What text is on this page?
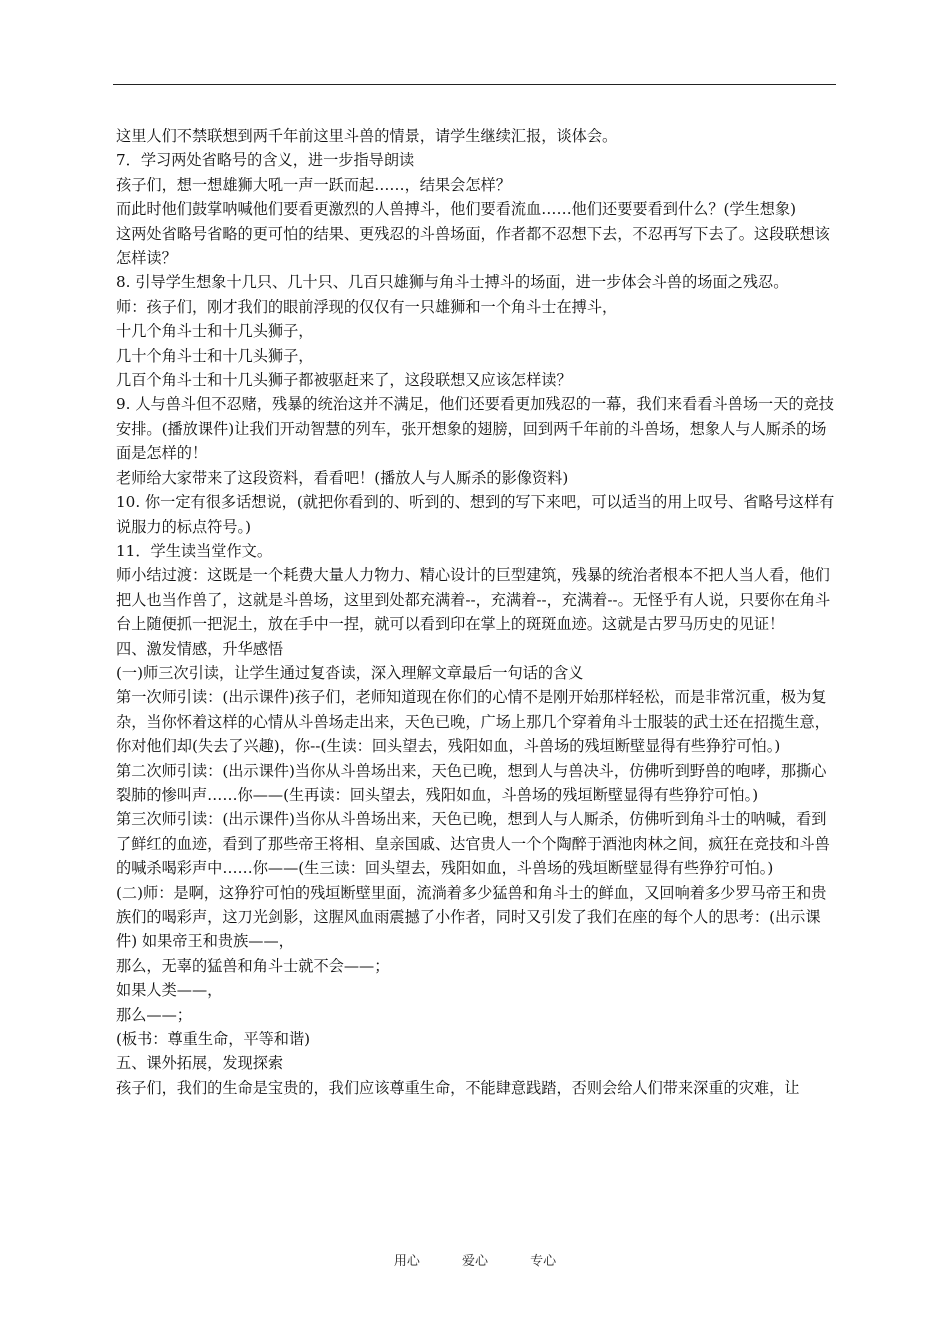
这里人们不禁联想到两千年前这里斗兽的情景，请学生继续汇报，谈体会。

7．学习两处省略号的含义，进一步指导朗读

孩子们，想一想雄狮大吼一声一跃而起……，结果会怎样？

而此时他们鼓掌呐喊他们要看更激烈的人兽搏斗，他们要看流血……他们还要要看到什么？(学生想象)

这两处省略号省略的更可怕的结果、更残忍的斗兽场面，作者都不忍想下去，不忍再写下去了。这段联想该怎样读？

8. 引导学生想象十几只、几十只、几百只雄狮与角斗士搏斗的场面，进一步体会斗兽的场面之残忍。

师：孩子们，刚才我们的眼前浮现的仅仅有一只雄狮和一个角斗士在搏斗，

十几个角斗士和十几头狮子，

几十个角斗士和十几头狮子，

几百个角斗士和十几头狮子都被驱赶来了，这段联想又应该怎样读？

9. 人与兽斗但不忍赌，残暴的统治这并不满足，他们还要看更加残忍的一幕，我们来看看斗兽场一天的竞技安排。(播放课件)让我们开动智慧的列车，张开想象的翅膀，回到两千年前的斗兽场，想象人与人厮杀的场面是怎样的！

老师给大家带来了这段资料，看看吧！(播放人与人厮杀的影像资料)

10. 你一定有很多话想说，(就把你看到的、听到的、想到的写下来吧，可以适当的用上叹号、省略号这样有说服力的标点符号。)

11．学生读当堂作文。

师小结过渡：这既是一个耗费大量人力物力、精心设计的巨型建筑，残暴的统治者根本不把人当人看，他们把人也当作兽了，这就是斗兽场，这里到处都充满着--，充满着--，充满着--。无怪乎有人说，只要你在角斗台上随便抓一把泥土，放在手中一捏，就可以看到印在掌上的斑斑血迹。这就是古罗马历史的见证！

四、激发情感，升华感悟

(一)师三次引读，让学生通过复沓读，深入理解文章最后一句话的含义

第一次师引读：(出示课件)孩子们，老师知道现在你们的心情不是刚开始那样轻松，而是非常沉重，极为复杂，当你怀着这样的心情从斗兽场走出来，天色已晚，广场上那几个穿着角斗士服装的武士还在招揽生意，你对他们却(失去了兴趣)，你--(生读：回头望去，残阳如血，斗兽场的残垣断壁显得有些狰狞可怕。)

第二次师引读：(出示课件)当你从斗兽场出来，天色已晚，想到人与兽决斗，仿佛听到野兽的咆哮，那撕心裂肺的惨叫声……你——(生再读：回头望去，残阳如血，斗兽场的残垣断壁显得有些狰狞可怕。)

第三次师引读：(出示课件)当你从斗兽场出来，天色已晚，想到人与人厮杀，仿佛听到角斗士的呐喊，看到了鲜红的血迹，看到了那些帝王将相、皇亲国戚、达官贵人一个个陶醉于酒池肉林之间，疯狂在竞技和斗兽的喊杀喝彩声中……你——(生三读：回头望去，残阳如血，斗兽场的残垣断壁显得有些狰狞可怕。)

(二)师：是啊，这狰狞可怕的残垣断壁里面，流淌着多少猛兽和角斗士的鲜血，又回响着多少罗马帝王和贵族们的喝彩声，这刀光剑影，这腥风血雨震撼了小作者，同时又引发了我们在座的每个人的思考：(出示课件) 如果帝王和贵族——，

那么，无辜的猛兽和角斗士就不会——；

如果人类——，

那么——；

(板书：尊重生命，平等和谐)

五、课外拓展，发现探索

孩子们，我们的生命是宝贵的，我们应该尊重生命，不能肆意践踏，否则会给人们带来深重的灾难，让

用心	爱心	专心
